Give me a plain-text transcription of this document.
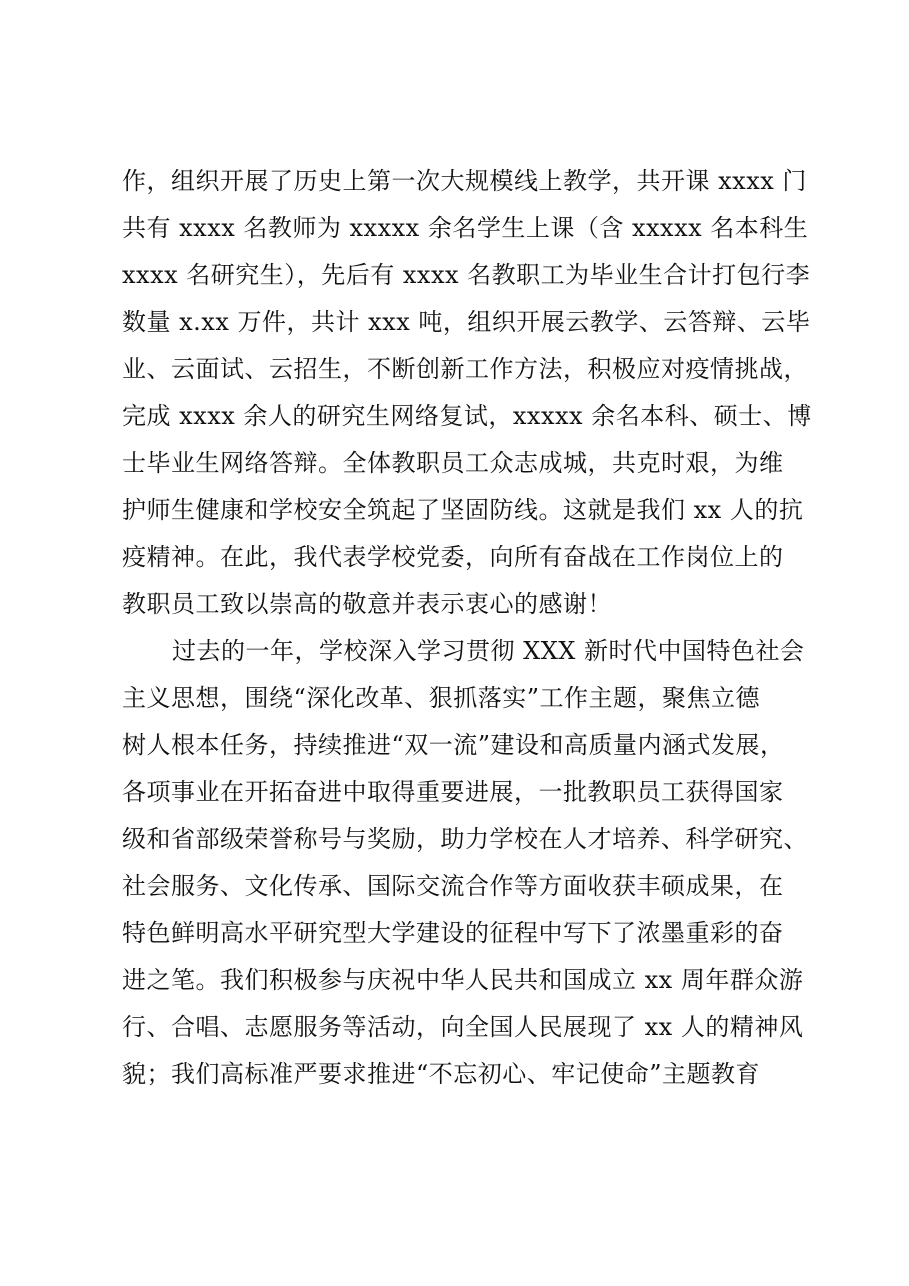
作，组织开展了历史上第一次大规模线上教学，共开课 xxxx 门
共有 xxxx 名教师为 xxxxx 余名学生上课（含 xxxxx 名本科生
xxxx 名研究生），先后有 xxxx 名教职工为毕业生合计打包行李
数量 x.xx 万件，共计 xxx 吨，组织开展云教学、云答辩、云毕
业、云面试、云招生，不断创新工作方法，积极应对疫情挑战，
完成 xxxx 余人的研究生网络复试，xxxxx 余名本科、硕士、博
士毕业生网络答辩。全体教职员工众志成城，共克时艰，为维
护师生健康和学校安全筑起了坚固防线。这就是我们 xx 人的抗
疫精神。在此，我代表学校党委，向所有奋战在工作岗位上的
教职员工致以崇高的敬意并表示衷心的感谢！
过去的一年，学校深入学习贯彻 XXX 新时代中国特色社会
主义思想，围绕“深化改革、狠抓落实”工作主题，聚焦立德
树人根本任务，持续推进“双一流”建设和高质量内涵式发展，
各项事业在开拓奋进中取得重要进展，一批教职员工获得国家
级和省部级荣誉称号与奖励，助力学校在人才培养、科学研究、
社会服务、文化传承、国际交流合作等方面收获丰硕成果，在
特色鲜明高水平研究型大学建设的征程中写下了浓墨重彩的奋
进之笔。我们积极参与庆祝中华人民共和国成立 xx 周年群众游
行、合唱、志愿服务等活动，向全国人民展现了 xx 人的精神风
貌；我们高标准严要求推进“不忘初心、牢记使命”主题教育
